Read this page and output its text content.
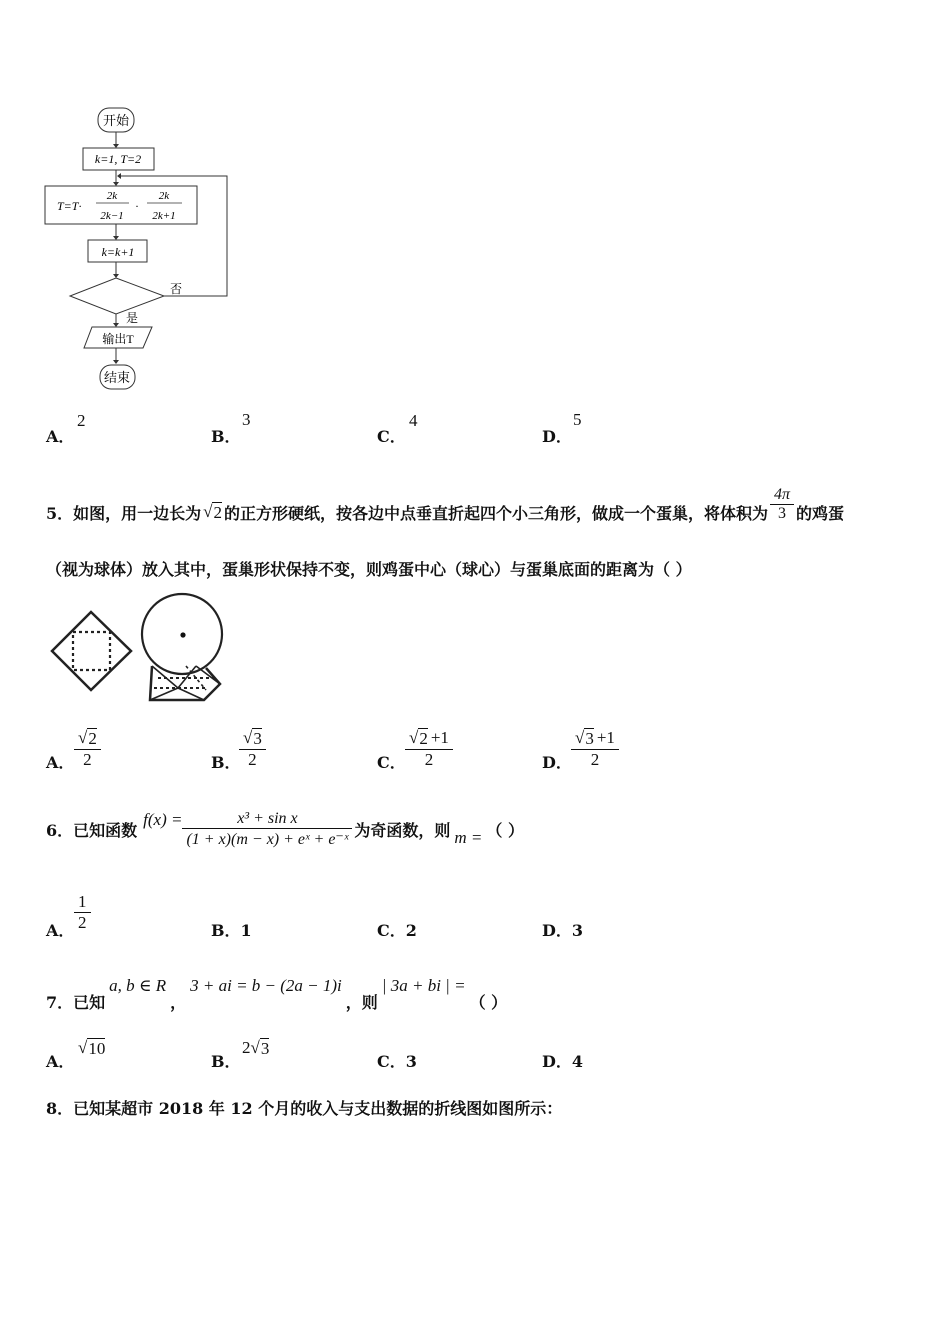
开始
k=1, T=2
T=T·
2k
2k−1
·
2k
2k+1
k=k+1
否
是
输出T
结束
A．
2
B．
3
C．
4
D．
5
5．如图，用一边长为 √ 2 的正方形硬纸，按各边中点垂直折起四个小三角形，做成一个蛋巢，将体积为 $\frac{4\pi}{3}$ 的鸡蛋
（视为球体）放入其中，蛋巢形状保持不变，则鸡蛋中心（球心）与蛋巢底面的距离为（ ）
A． $\frac{√ 2}{2}$	B． $\frac{√ 3}{2}$	C． $\frac{√ 2 +1}{2}$	D． $\frac{√ 3 +1}{2}$
6．已知函数
$f(x) = \frac{\text{x³ + sin x}}{\text{(1 + x)(m − x) + eˣ + e⁻ˣ}}$ 为奇函数，则 m = （ ）
A． $\frac{1}{2}$	B．1	C．2	D．3
7．已知
a, b ∈ R
，
3 + ai = b − (2a − 1)i
，则
| 3a + bi | =
（ ）
A．
√ 10
B．
2 √ 3
C．3	D．4
8．已知某超市 2018 年 12 个月的收入与支出数据的折线图如图所示：
